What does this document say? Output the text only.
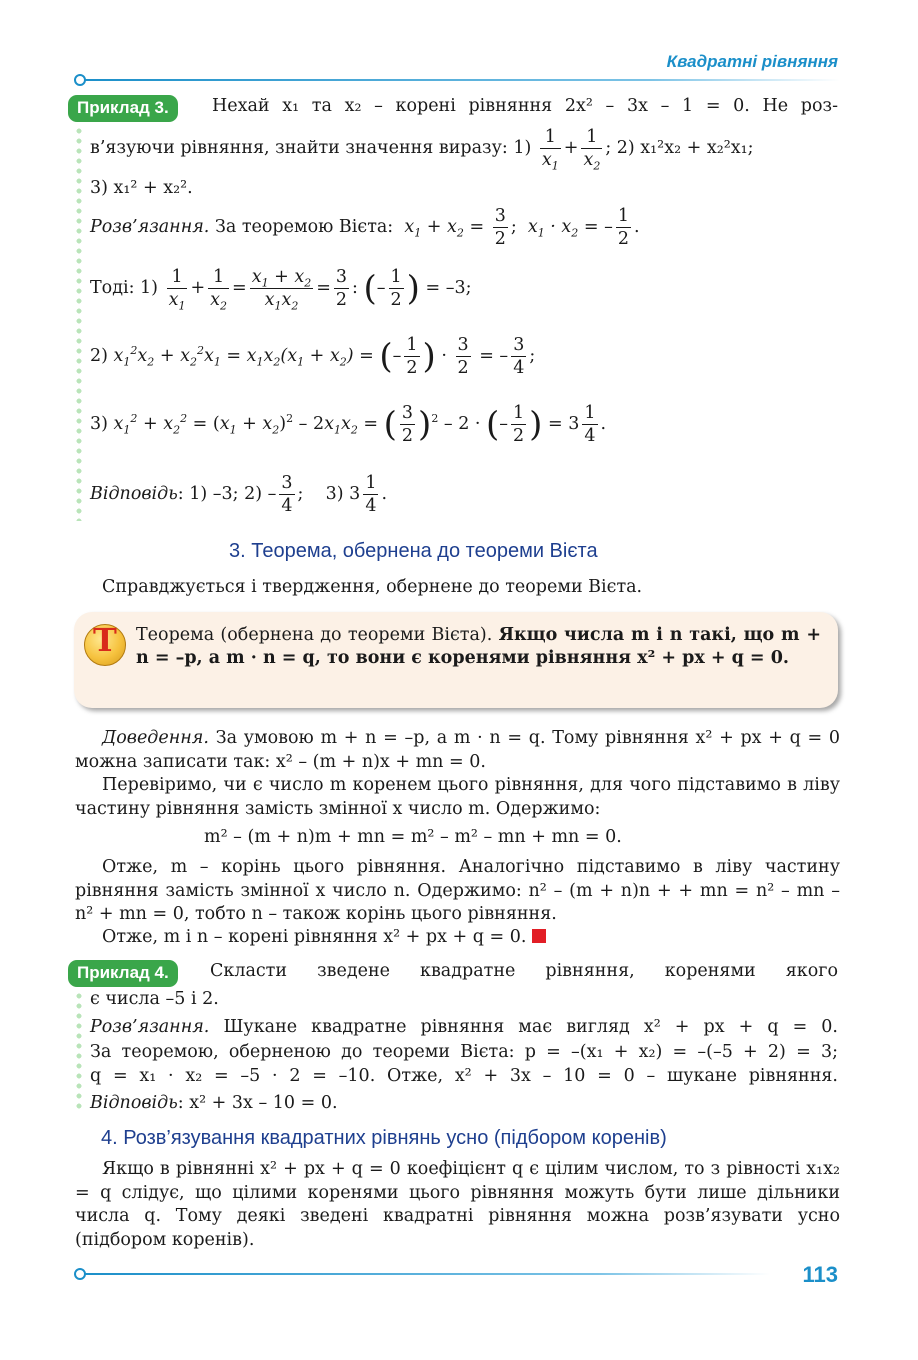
Квадратні рівняння
Приклад 3.	Нехай x₁ та x₂ – корені рівняння 2x² – 3x – 1 = 0. Не роз-
в’язуючи рівняння, знайти значення виразу: $1) \frac{1}{x_1} + \frac{1}{x_2}$ ; 2) x₁²x₂ + x₂²x₁;
3) x₁² + x₂².
Розв’язання. За теоремою Вієта:  $x_1 + x_2 = \frac{3}{2}$ ;  $x_1 \cdot x_2$ = – $\frac{1}{2}$ .
Тоді: $1) \frac{1}{x_1} + \frac{1}{x_2} = \frac{x_1 + x_2}{x_1x_2} = \frac{3}{2}$ : (– $\frac{1}{2}$ ) = –3;
2) $x_1^2x_2 + x_2^2x_1 = x_1x_2(x_1 + x_2)$ = (– $\frac{1}{2}$ ) · $\frac{3}{2}$ = – $\frac{3}{4}$ ;
3) $x_1^2 + x_2^2 = (x_1 + x_2)^2 - 2x_1x_2$ = ( $\frac{3}{2} )^2 - 2$ · (– $\frac{1}{2}$ ) = $3 \frac{1}{4}$ .
Відповідь: 1) –3; $2) - \frac{3}{4}$ ;    3) $3 \frac{1}{4}$ .
3. Теорема, обернена до теореми Вієта
Справджується і твердження, обернене до теореми Вієта.
Т Теорема (обернена до теореми Вієта). Якщо числа m і n такі, що m + n = –p, а m · n = q, то вони є коренями рівняння x² + px + q = 0.
Доведення. За умовою m + n = –p, а m · n = q. Тому рівняння x² + px + q = 0 можна записати так: x² – (m + n)x + mn = 0.
Перевіримо, чи є число m коренем цього рівняння, для чого підставимо в ліву частину рівняння замість змінної x число m. Одержимо:
m² – (m + n)m + mn = m² – m² – mn + mn = 0.
Отже, m – корінь цього рівняння. Аналогічно підставимо в ліву частину рівняння замість змінної x число n. Одержимо: n² – (m + n)n + + mn = n² – mn – n² + mn = 0, тобто n – також корінь цього рівняння.
Отже, m і n – корені рівняння x² + px + q = 0.
Приклад 4.	Скласти зведене квадратне рівняння, коренями якого
є числа –5 і 2.
Розв’язання. Шукане квадратне рівняння має вигляд x² + px + q = 0.
За теоремою, оберненою до теореми Вієта: p = –(x₁ + x₂) = –(–5 + 2) = 3;
q = x₁ · x₂ = –5 · 2 = –10. Отже, x² + 3x – 10 = 0 – шукане рівняння.
Відповідь: x² + 3x – 10 = 0.
4. Розв’язування квадратних рівнянь усно (підбором коренів)
Якщо в рівнянні x² + px + q = 0 коефіцієнт q є цілим числом, то з рівності x₁x₂ = q слідує, що цілими коренями цього рівняння можуть бути лише дільники числа q. Тому деякі зведені квадратні рівняння можна розв’язувати усно (підбором коренів).
113
